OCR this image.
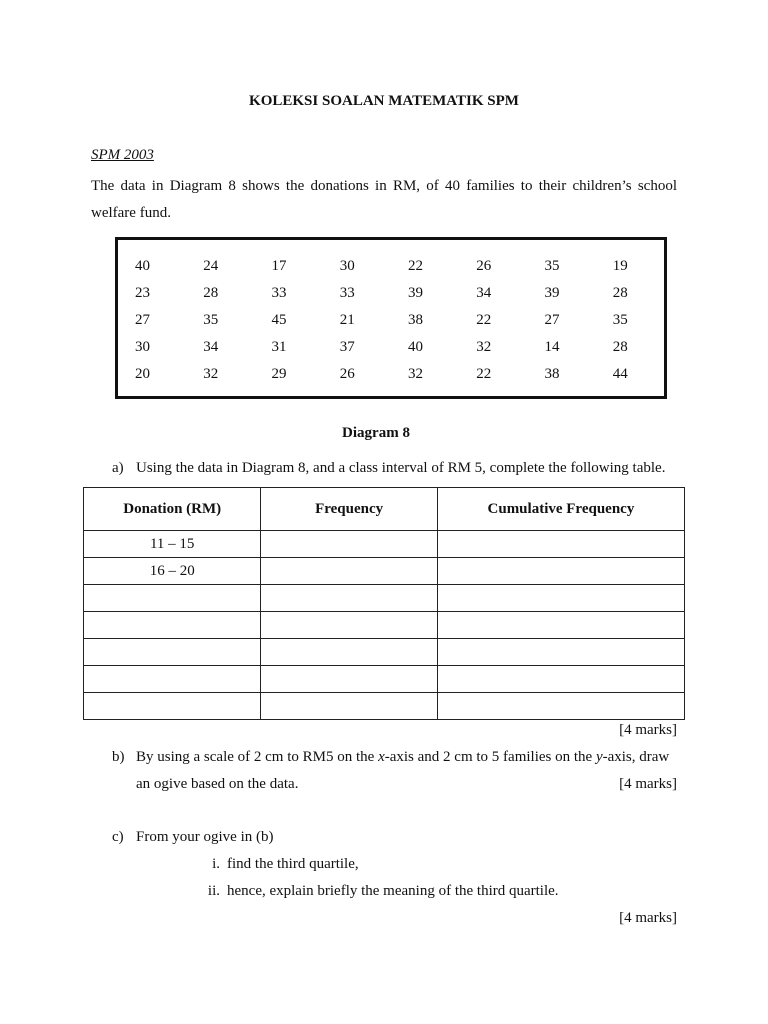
KOLEKSI SOALAN MATEMATIK SPM
SPM 2003
The data in Diagram 8 shows the donations in RM, of 40 families to their children’s school welfare fund.
40	24	17	30	22	26	35	19
23	28	33	33	39	34	39	28
27	35	45	21	38	22	27	35
30	34	31	37	40	32	14	28
20	32	29	26	32	22	38	44
Diagram 8
a) Using the data in Diagram 8, and a class interval of RM 5, complete the following table.
Donation (RM)	Frequency	Cumulative Frequency
11 – 15		
16 – 20		

[4 marks]
b) By using a scale of 2 cm to RM5 on the x-axis and 2 cm to 5 families on the y-axis, draw
an ogive based on the data.	[4 marks]
c) From your ogive in (b)
i. find the third quartile,
ii. hence, explain briefly the meaning of the third quartile.
[4 marks]
